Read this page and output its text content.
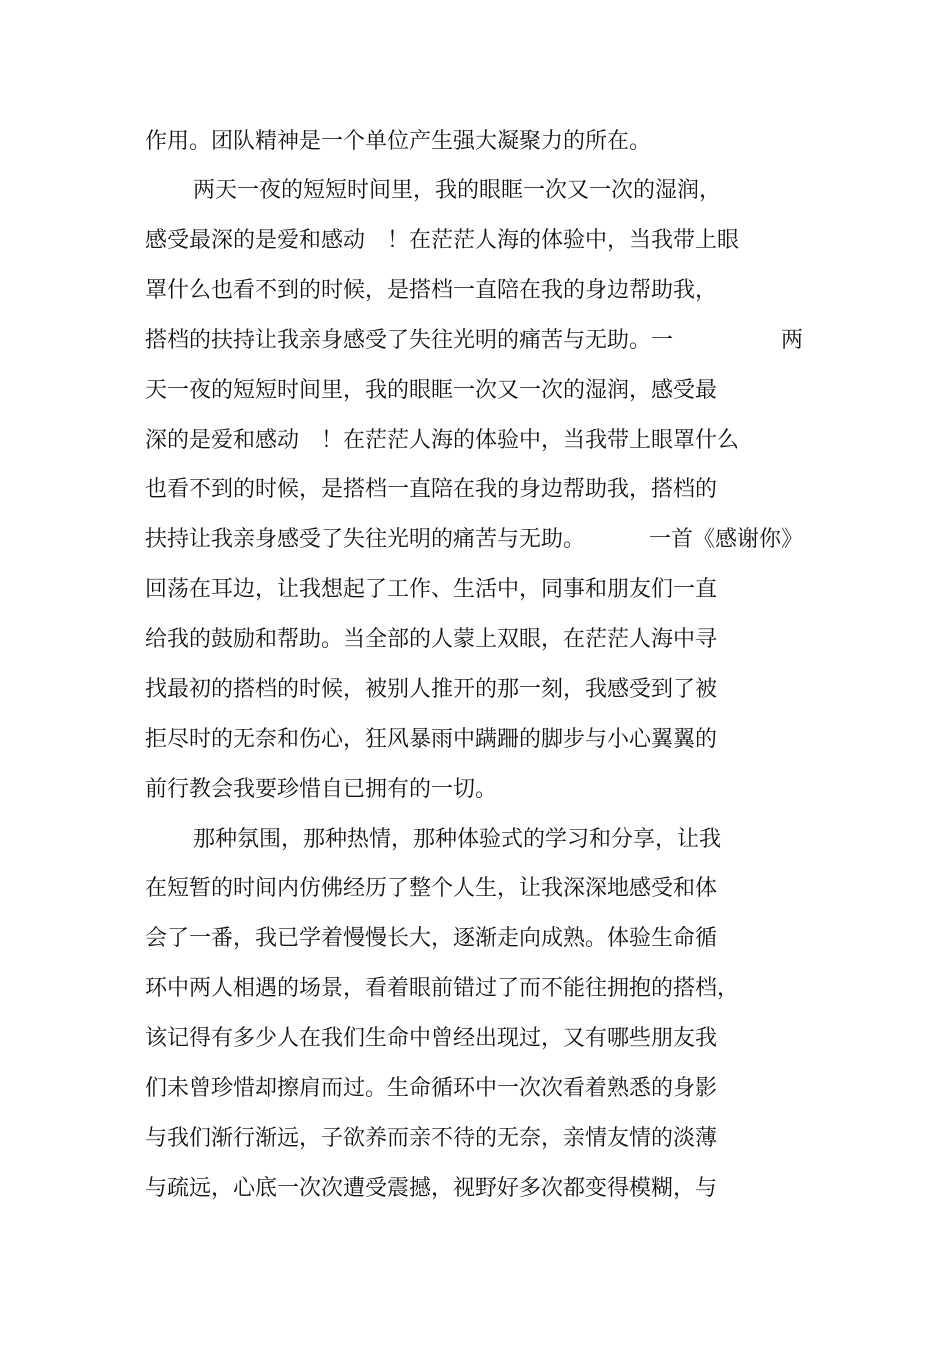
作用。团队精神是一个单位产生强大凝聚力的所在。
两天一夜的短短时间里，我的眼眶一次又一次的湿润，
感受最深的是爱和感动　！在茫茫人海的体验中，当我带上眼
罩什么也看不到的时候，是搭档一直陪在我的身边帮助我，

搭档的扶持让我亲身感受了失往光明的痛苦与无助。一

	两

天一夜的短短时间里，我的眼眶一次又一次的湿润，感受最
深的是爱和感动　！在茫茫人海的体验中，当我带上眼罩什么
也看不到的时候，是搭档一直陪在我的身边帮助我，搭档的

扶持让我亲身感受了失往光明的痛苦与无助。

	一首《感谢你》

回荡在耳边，让我想起了工作、生活中，同事和朋友们一直
给我的鼓励和帮助。当全部的人蒙上双眼，在茫茫人海中寻
找最初的搭档的时候，被别人推开的那一刻，我感受到了被
拒尽时的无奈和伤心，狂风暴雨中蹒跚的脚步与小心翼翼的
前行教会我要珍惜自已拥有的一切。
那种氛围，那种热情，那种体验式的学习和分享，让我
在短暂的时间内仿佛经历了整个人生，让我深深地感受和体
会了一番，我已学着慢慢长大，逐渐走向成熟。体验生命循
环中两人相遇的场景，看着眼前错过了而不能往拥抱的搭档，
该记得有多少人在我们生命中曾经出现过，又有哪些朋友我
们未曾珍惜却擦肩而过。生命循环中一次次看着熟悉的身影
与我们渐行渐远，子欲养而亲不待的无奈，亲情友情的淡薄
与疏远，心底一次次遭受震撼，视野好多次都变得模糊，与
